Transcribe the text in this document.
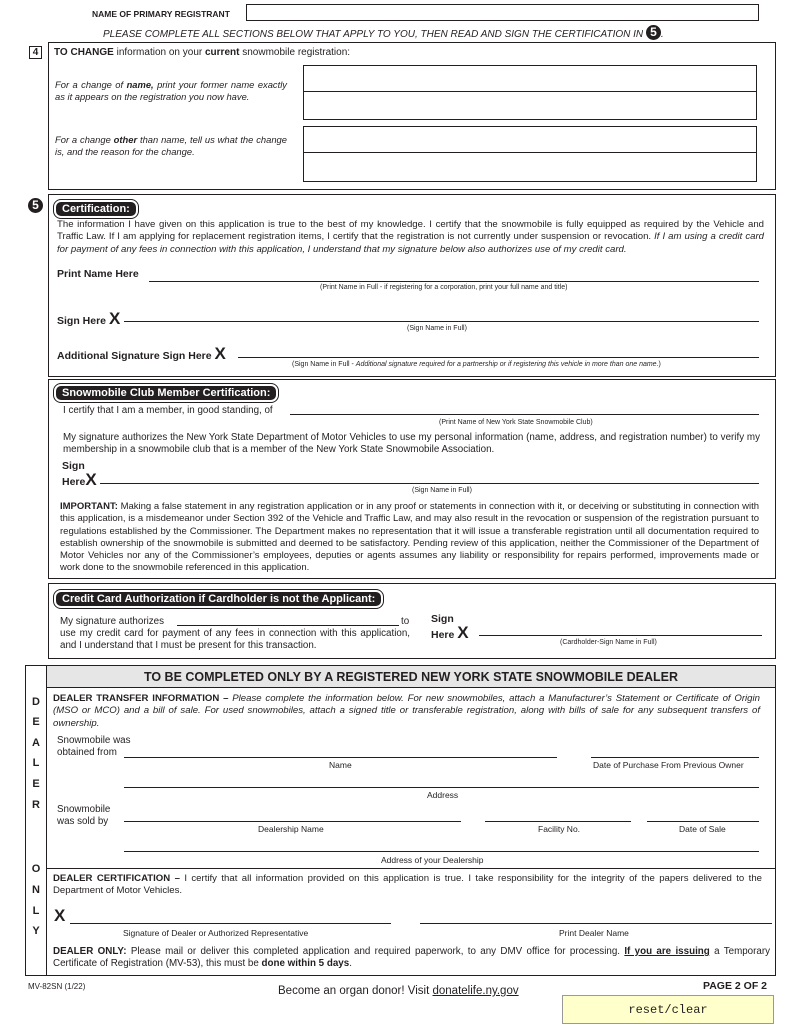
NAME OF PRIMARY REGISTRANT
PLEASE COMPLETE ALL SECTIONS BELOW THAT APPLY TO YOU, THEN READ AND SIGN THE CERTIFICATION IN 5 .
4	TO CHANGE information on your current snowmobile registration:
For a change of name, print your former name exactly as it appears on the registration you now have.
For a change other than name, tell us what the change is, and the reason for the change.
5	Certification:
The information I have given on this application is true to the best of my knowledge. I certify that the snowmobile is fully equipped as required by the Vehicle and Traffic Law. If I am applying for replacement registration items, I certify that the registration is not currently under suspension or revocation. If I am using a credit card for payment of any fees in connection with this application, I understand that my signature below also authorizes use of my credit card.
Print Name Here
(Print Name in Full - if registering for a corporation, print your full name and title)
Sign Here X
(Sign Name in Full)
Additional Signature Sign Here X
(Sign Name in Full - Additional signature required for a partnership or if registering this vehicle in more than one name.)
Snowmobile Club Member Certification:
I certify that I am a member, in good standing, of
(Print Name of New York State Snowmobile Club)
My signature authorizes the New York State Department of Motor Vehicles to use my personal information (name, address, and registration number) to verify my membership in a snowmobile club that is a member of the New York State Snowmobile Association.
Sign
HereX
(Sign Name in Full)
IMPORTANT: Making a false statement in any registration application or in any proof or statements in connection with it, or deceiving or substituting in connection with this application, is a misdemeanor under Section 392 of the Vehicle and Traffic Law, and may also result in the revocation or suspension of the registration pursuant to regulations established by the Commissioner. The Department makes no representation that it will issue a transferable registration until all documentation required to establish ownership of the snowmobile is submitted and deemed to be satisfactory. Pending review of this application, neither the Commissioner of the Department of Motor Vehicles nor any of the Commissioner’s employees, deputies or agents assumes any liability or responsibility for repairs performed, improvements made or work done to the snowmobile referenced in this application.
Credit Card Authorization if Cardholder is not the Applicant:
My signature authorizes	to
use my credit card for payment of any fees in connection with this application, and I understand that I must be present for this transaction.
Sign
Here X
(Cardholder-Sign Name in Full)
TO BE COMPLETED ONLY BY A REGISTERED NEW YORK STATE SNOWMOBILE DEALER
D
E
A
L
E
R
O
N
L
Y
DEALER TRANSFER INFORMATION – Please complete the information below. For new snowmobiles, attach a Manufacturer’s Statement or Certificate of Origin (MSO or MCO) and a bill of sale. For used snowmobiles, attach a signed title or transferable registration, along with bills of sale for any subsequent transfers of ownership.
Snowmobile was
obtained from
Name	Date of Purchase From Previous Owner
Address
Snowmobile
was sold by
Dealership Name	Facility No.	Date of Sale
Address of your Dealership
DEALER CERTIFICATION – I certify that all information provided on this application is true. I take responsibility for the integrity of the papers delivered to the Department of Motor Vehicles.
X
Signature of Dealer or Authorized Representative	Print Dealer Name
DEALER ONLY: Please mail or deliver this completed application and required paperwork, to any DMV office for processing. If you are issuing a Temporary Certificate of Registration (MV-53), this must be done within 5 days.
MV-82SN (1/22)	Become an organ donor! Visit donatelife.ny.gov	PAGE 2 OF 2
reset/clear
